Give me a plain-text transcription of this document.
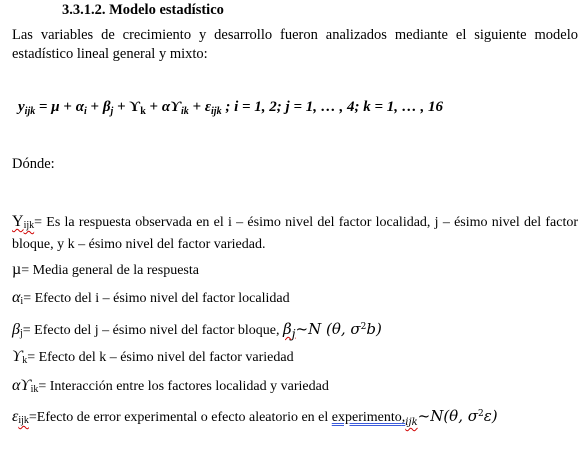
3.3.1.2. Modelo estadístico
Las variables de crecimiento y desarrollo fueron analizados mediante el siguiente modelo estadístico lineal general y mixto:
$y_{ijk} = \mu + \alpha_i + \beta_j + ϒ_k + \alpha ϒ_{ik} + \varepsilon_{ijk}$ ; i = 1, 2; j = 1, … , 4; k = 1, … , 16
Dónde:
$Y_{ijk}= Es$ la respuesta observada en el i – ésimo nivel del factor localidad, j – ésimo nivel del factor bloque, y k – ésimo nivel del factor variedad.
µ= Media general de la respuesta
$\alpha_i=$ Efecto del i – ésimo nivel del factor localidad
$\beta_j=$ Efecto del j – ésimo nivel del factor bloque, $\beta_j\sim N$ (θ, $\sigma^2b$)
$ϒ_k=$ Efecto del k – ésimo nivel del factor variedad
$\alpha ϒ_{ik}=$ Interacción entre los factores localidad y variedad
$\varepsilon_{ijk}=Efecto$ de error experimental o efecto aleatorio en el $experimento,_{ijk}\sim N(\theta$, $\sigma^2\varepsilon$)
